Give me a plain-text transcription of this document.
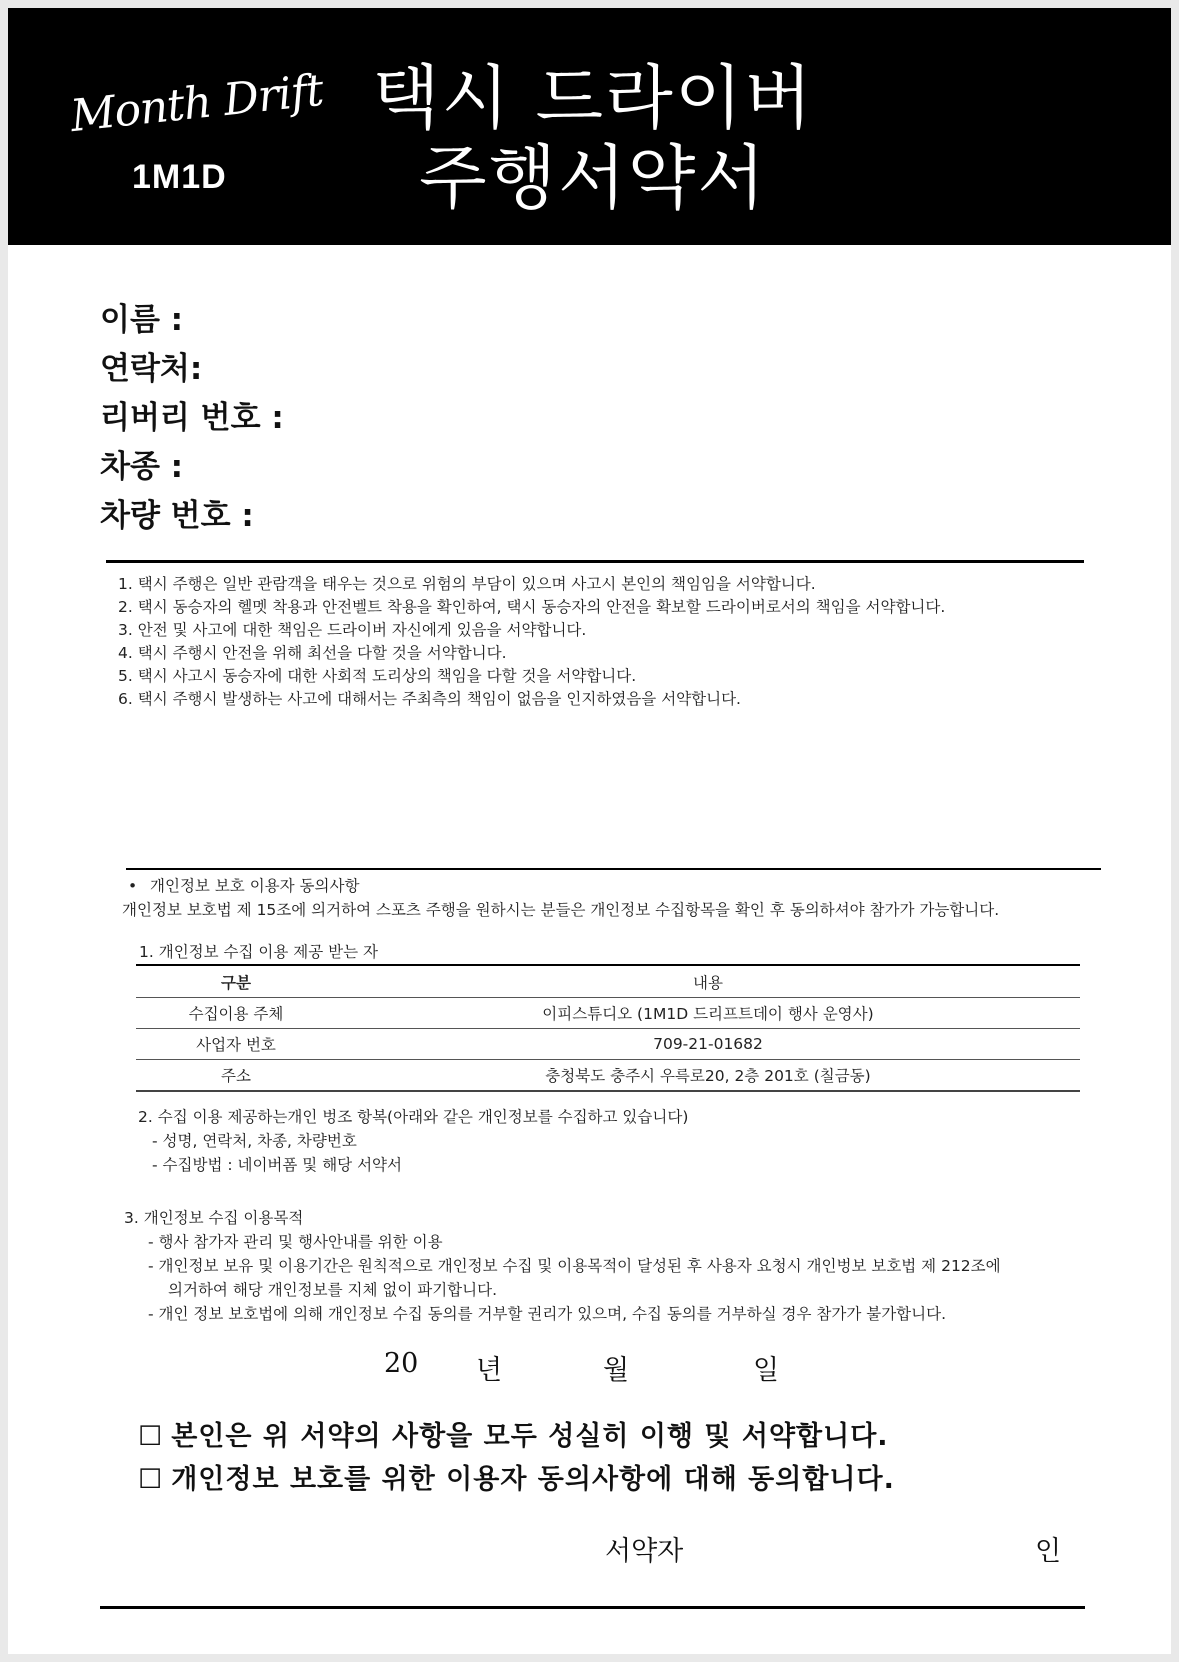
Month Drift
1M1D
택시 드라이버
주행서약서
이름 :
연락처:
리버리 번호 :
차종 :
차량 번호 :
1. 택시 주행은 일반 관람객을 태우는 것으로 위험의 부담이 있으며 사고시 본인의 책임임을 서약합니다.
2. 택시 동승자의 헬멧 착용과 안전벨트 착용을 확인하여, 택시 동승자의 안전을 확보할 드라이버로서의 책임을 서약합니다.
3. 안전 및 사고에 대한 책임은 드라이버 자신에게 있음을 서약합니다.
4. 택시 주행시 안전을 위해 최선을 다할 것을 서약합니다.
5. 택시 사고시 동승자에 대한 사회적 도리상의 책임을 다할 것을 서약합니다.
6. 택시 주행시 발생하는 사고에 대해서는 주최측의 책임이 없음을 인지하였음을 서약합니다.
• 개인정보 보호 이용자 동의사항
개인정보 보호법 제 15조에 의거하여 스포츠 주행을 원하시는 분들은 개인정보 수집항목을 확인 후 동의하셔야 참가가 가능합니다.
1. 개인정보 수집 이용 제공 받는 자
구분	내용
수집이용 주체	이피스튜디오 (1M1D 드리프트데이 행사 운영사)
사업자 번호	709-21-01682
주소	충청북도 충주시 우륵로20, 2층 201호 (칠금동)
2. 수집 이용 제공하는개인 벙조 항복(아래와 같은 개인정보를 수집하고 있습니다)
- 성명, 연락처, 차종, 차량번호
- 수집방법 : 네이버폼 및 해당 서약서
3. 개인정보 수집 이용목적
- 행사 참가자 관리 및 행사안내를 위한 이용
- 개인정보 보유 및 이용기간은 원칙적으로 개인정보 수집 및 이용목적이 달성된 후 사용자 요청시 개인벙보 보호법 제 212조에
의거하여 해당 개인정보를 지체 없이 파기합니다.
- 개인 정보 보호법에 의해 개인정보 수집 동의를 거부할 권리가 있으며, 수집 동의를 거부하실 경우 참가가 불가합니다.
20 년	월	일
☐ 본인은 위 서약의 사항을 모두 성실히 이행 및 서약합니다.
☐ 개인정보 보호를 위한 이용자 동의사항에 대해 동의합니다.
서약자	인
